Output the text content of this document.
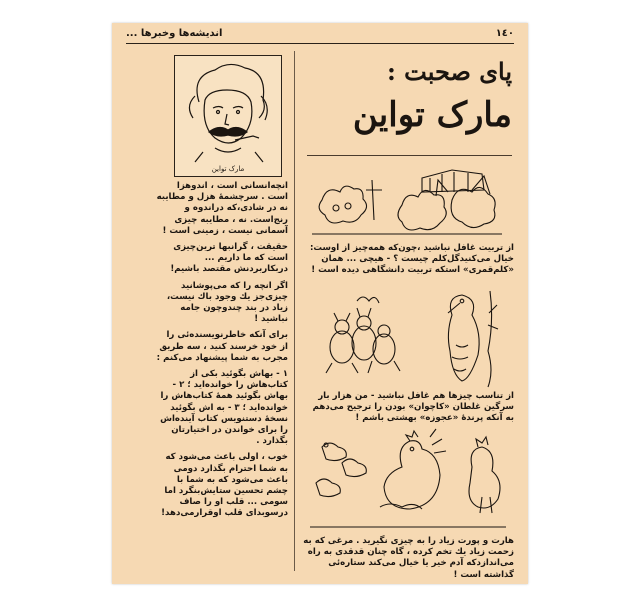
١٤٠
اندیشه‌ها وخبرها ...
پای صحبت :
مارک تواین
از تربیت غافل نباشید ،چون‌که همه‌چیز از اوست: خیال می‌کنیدگل‌کلم چیست ؟ - هیچی ... همان «کلم‌قمری» استکه تربیت دانشگاهی دیده است !
از تناسب چیزها هم غافل نباشید - من هزار بار سرگین غلطان «کاچوان» بودن را ترجیح می‌دهم به آنکه پرندهٔ «عجوزه» بهشتی باشم !
هارت و پورت زیاد را به چیزی نگیرید . مرغی که به زحمت زیاد یك تخم کرده ، گاه چنان قدقدی به راه می‌اندازدکه آدم خیر یا خیال می‌کند ستاره‌ئی گذاشته است !
مارک تواین

انچه‌انسانی است ، اندوهزا است . سرچشمهٔ هزل و مطایبه نه در شادی،که دراندوه و رنج‌است. نه ، مطایبه چیزی آسمانی نیست ، زمینی است !

حقیقت ، گرانبها ترین‌چیزی است که ما داریم ... دربکاربردنش مقتصد باشیم!

اگر انچه را که می‌پوشانید چیزی‌جز یك وجود باك نیست، زیاد در بند چندوچون جامه نباشید !

برای آنکه خاطرنویسنده‌ئی را از خود خرسند کنید ، سه طریق مجرب به شما پیشنهاد می‌کنم :

١ - بهاش بگوئید بکی از کتاب‌هاش را خوانده‌اید ؛ ٢ - بهاش بگوئید همهٔ کتاب‌هاش را خوانده‌اید ؛ ٣ - به اش بگوئید نسخهٔ دستنویس کتاب آینده‌اش را برای خواندن در اختیارتان بگذارد .

خوب ، اولی باعث می‌شود که به شما احترام بگذارد دومی باعث می‌شود که به شما با چشم تحسین ستایش‌بنگرد اما سومی ... قلب او را صاف درسوبدای قلب اوقرارمی‌دهد!
